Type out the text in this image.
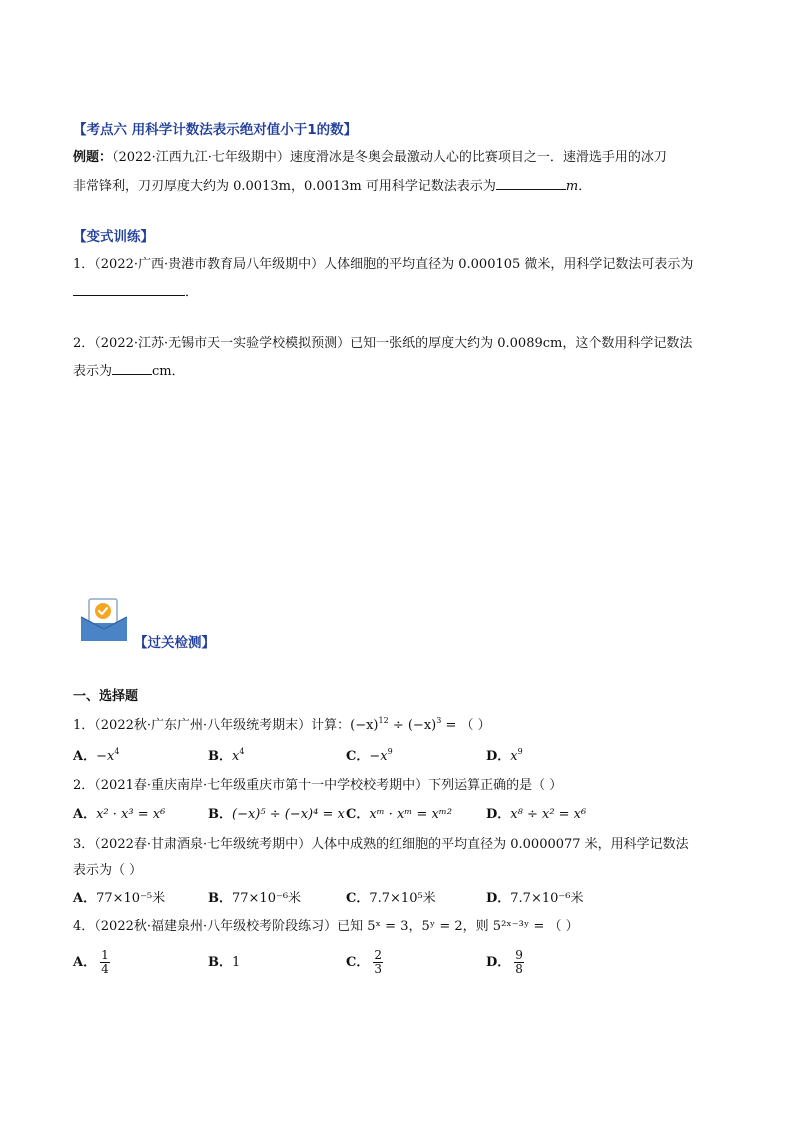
【考点六 用科学计数法表示绝对值小于1的数】
例题：（2022·江西九江·七年级期中）速度滑冰是冬奥会最激动人心的比赛项目之一．速滑选手用的冰刀
非常锋利，刀刃厚度大约为 0.0013m，0.0013m 可用科学记数法表示为	m．
【变式训练】
1．（2022·广西·贵港市教育局八年级期中）人体细胞的平均直径为 0.000105 微米，用科学记数法可表示为
．
2．（2022·江苏·无锡市天一实验学校模拟预测）已知一张纸的厚度大约为 0.0089cm，这个数用科学记数法
表示为	cm．
【过关检测】
一、选择题
1．（2022秋·广东广州·八年级统考期末）计算：$(-x)^{12} \div (-x)^3$ = （ ）
A．$-x^4$	B．$x^4$	C．$-x^9$	D．$x^9$
2．（2021春·重庆南岸·七年级重庆市第十一中学校校考期中）下列运算正确的是（ ）
A．x² · x³ = x⁶	B．(−x)⁵ ÷ (−x)⁴ = x C．xᵐ · xᵐ = xᵐ²	D．x⁸ ÷ x² = x⁶
3．（2022春·甘肃酒泉·七年级统考期中）人体中成熟的红细胞的平均直径为 0.0000077 米，用科学记数法
表示为（ ）
A．77×10⁻⁵米	B．77×10⁻⁶米	C．7.7×10⁵米	D．7.7×10⁻⁶米
4．（2022秋·福建泉州·八年级校考阶段练习）已知 5ˣ = 3，5ʸ = 2，则 5²ˣ⁻³ʸ = （ ）
A． $\frac{1}{4}$	B．1	C． $\frac{2}{3}$	D． $\frac{9}{8}$
